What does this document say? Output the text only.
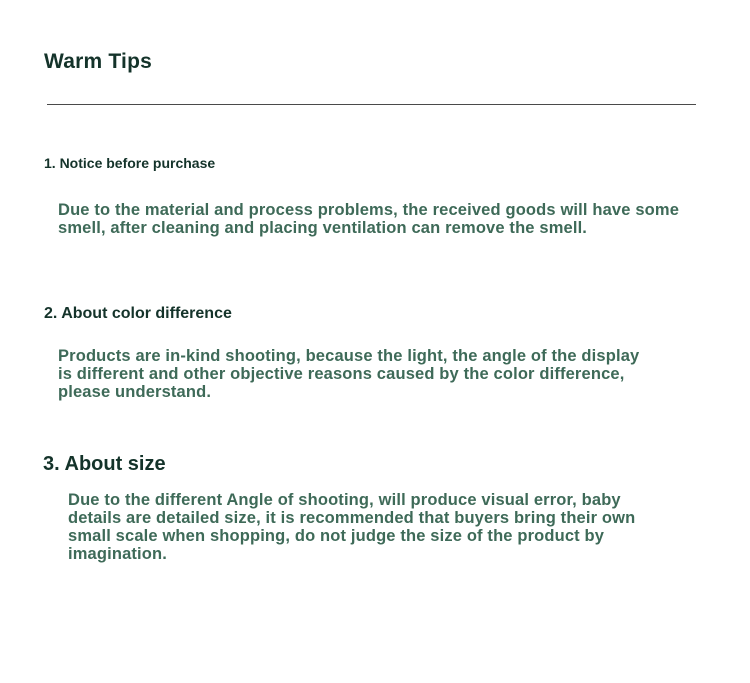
Warm Tips
1. Notice before purchase
Due to the material and process problems, the received goods will have some smell, after cleaning and placing ventilation can remove the smell.
2. About color difference
Products are in-kind shooting, because the light, the angle of the display is different and other objective reasons caused by the color difference, please understand.
3. About size
Due to the different Angle of shooting, will produce visual error, baby details are detailed size, it is recommended that buyers bring their own small scale when shopping, do not judge the size of the product by imagination.
